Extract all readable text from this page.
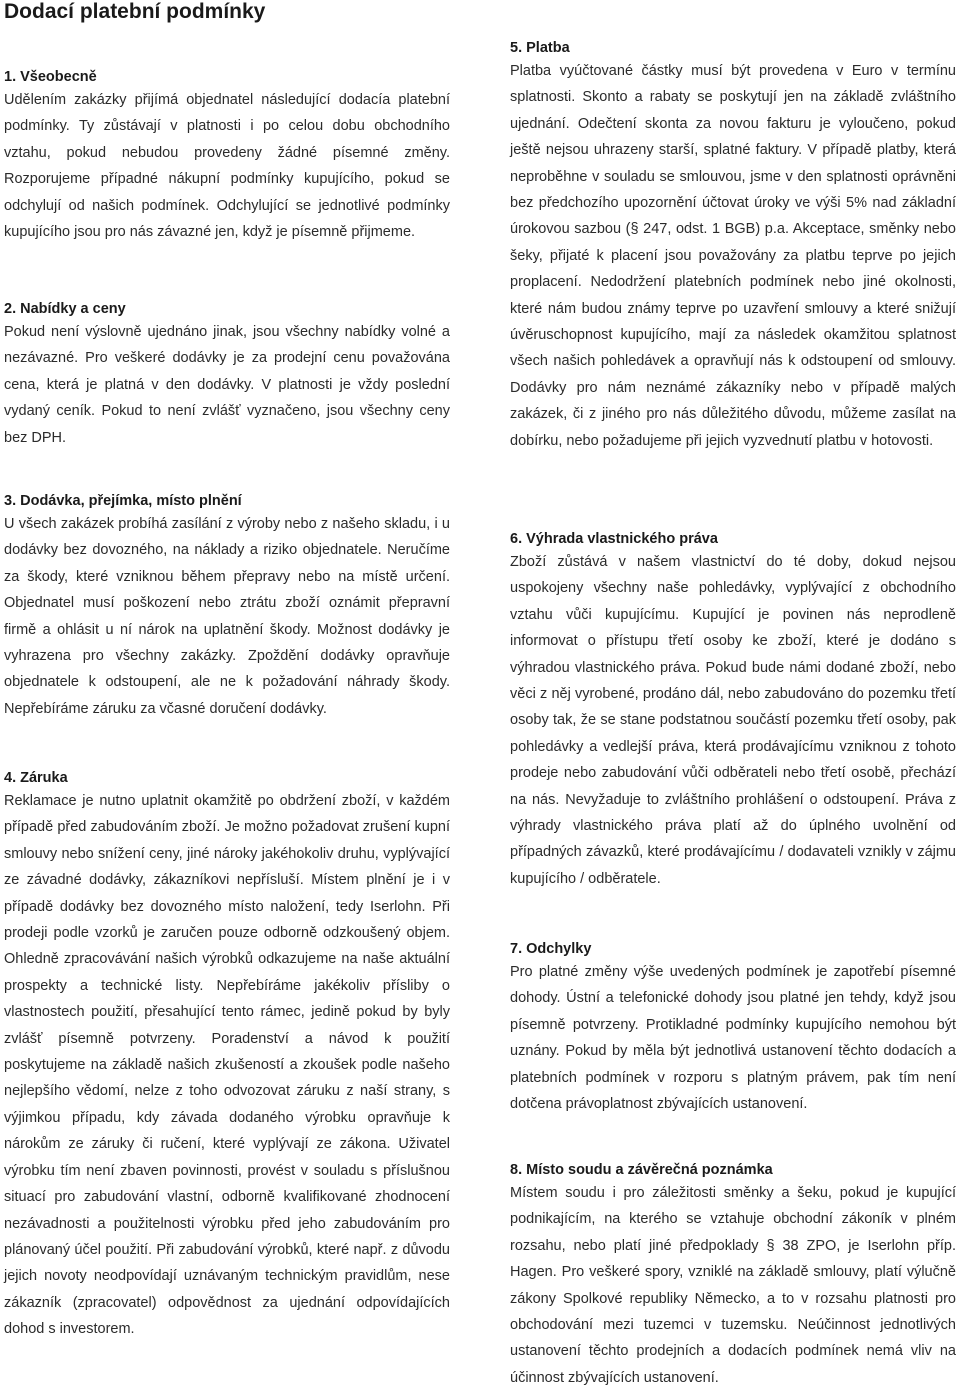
Dodací platební podmínky
1. Všeobecně

Udělením zakázky přijímá objednatel následující dodacía platební podmínky. Ty zůstávají v platnosti i po celou dobu obchodního vztahu, pokud nebudou provedeny žádné písemné změny. Rozporujeme případné nákupní podmínky kupujícího, pokud se odchylují od našich podmínek. Odchylující se jednotlivé podmínky kupujícího jsou pro nás závazné jen, když je písemně přijmeme.

2. Nabídky a ceny

Pokud není výslovně ujednáno jinak, jsou všechny nabídky volné a nezávazné. Pro veškeré dodávky je za prodejní cenu považována cena, která je platná v den dodávky. V platnosti je vždy poslední vydaný ceník. Pokud to není zvlášť vyznačeno, jsou všechny ceny bez DPH.

3. Dodávka, přejímka, místo plnění

U všech zakázek probíhá zasílání z výroby nebo z našeho skladu, i u dodávky bez dovozného, na náklady a riziko objednatele. Neručíme za škody, které vzniknou během přepravy nebo na místě určení. Objednatel musí poškození nebo ztrátu zboží oznámit přepravní firmě a ohlásit u ní nárok na uplatnění škody. Možnost dodávky je vyhrazena pro všechny zakázky. Zpoždění dodávky opravňuje objednatele k odstoupení, ale ne k požadování náhrady škody. Nepřebíráme záruku za včasné doručení dodávky.

4. Záruka

Reklamace je nutno uplatnit okamžitě po obdržení zboží, v každém případě před zabudováním zboží. Je možno požadovat zrušení kupní smlouvy nebo snížení ceny, jiné nároky jakéhokoliv druhu, vyplývající ze závadné dodávky, zákazníkovi nepřísluší. Místem plnění je i v případě dodávky bez dovozného místo naložení, tedy Iserlohn. Při prodeji podle vzorků je zaručen pouze odborně odzkoušený objem. Ohledně zpracovávání našich výrobků odkazujeme na naše aktuální prospekty a technické listy. Nepřebíráme jakékoliv přísliby o vlastnostech použití, přesahující tento rámec, jedině pokud by byly zvlášť písemně potvrzeny. Poradenství a návod k použití poskytujeme na základě našich zkušeností a zkoušek podle našeho nejlepšího vědomí, nelze z toho odvozovat záruku z naší strany, s výjimkou případu, kdy závada dodaného výrobku opravňuje k nárokům ze záruky či ručení, které vyplývají ze zákona. Uživatel výrobku tím není zbaven povinnosti, provést v souladu s příslušnou situací pro zabudování vlastní, odborně kvalifikované zhodnocení nezávadnosti a použitelnosti výrobku před jeho zabudováním pro plánovaný účel použití. Při zabudování výrobků, které např. z důvodu jejich novoty neodpovídají uznávaným technickým pravidlům, nese zákazník (zpracovatel) odpovědnost za ujednání odpovídajících dohod s investorem.

5. Platba

Platba vyúčtované částky musí být provedena v Euro v termínu splatnosti. Skonto a rabaty se poskytují jen na základě zvláštního ujednání. Odečtení skonta za novou fakturu je vyloučeno, pokud ještě nejsou uhrazeny starší, splatné faktury. V případě platby, která neproběhne v souladu se smlouvou, jsme v den splatnosti oprávněni bez předchozího upozornění účtovat úroky ve výši 5% nad základní úrokovou sazbou (§ 247, odst. 1 BGB) p.a. Akceptace, směnky nebo šeky, přijaté k placení jsou považovány za platbu teprve po jejich proplacení. Nedodržení platebních podmínek nebo jiné okolnosti, které nám budou známy teprve po uzavření smlouvy a které snižují úvěruschopnost kupujícího, mají za následek okamžitou splatnost všech našich pohledávek a opravňují nás k odstoupení od smlouvy. Dodávky pro nám neznámé zákazníky nebo v případě malých zakázek, či z jiného pro nás důležitého důvodu, můžeme zasílat na dobírku, nebo požadujeme při jejich vyzvednutí platbu v hotovosti.

6. Výhrada vlastnického práva

Zboží zůstává v našem vlastnictví do té doby, dokud nejsou uspokojeny všechny naše pohledávky, vyplývající z obchodního vztahu vůči kupujícímu. Kupující je povinen nás neprodleně informovat o přístupu třetí osoby ke zboží, které je dodáno s výhradou vlastnického práva. Pokud bude námi dodané zboží, nebo věci z něj vyrobené, prodáno dál, nebo zabudováno do pozemku třetí osoby tak, že se stane podstatnou součástí pozemku třetí osoby, pak pohledávky a vedlejší práva, která prodávajícímu vzniknou z tohoto prodeje nebo zabudování vůči odběrateli nebo třetí osobě, přechází na nás. Nevyžaduje to zvláštního prohlášení o odstoupení. Práva z výhrady vlastnického práva platí až do úplného uvolnění od případných závazků, které prodávajícímu / dodavateli vznikly v zájmu kupujícího / odběratele.

7. Odchylky

Pro platné změny výše uvedených podmínek je zapotřebí písemné dohody. Ústní a telefonické dohody jsou platné jen tehdy, když jsou písemně potvrzeny. Protikladné podmínky kupujícího nemohou být uznány. Pokud by měla být jednotlivá ustanovení těchto dodacích a platebních podmínek v rozporu s platným právem, pak tím není dotčena právoplatnost zbývajících ustanovení.

8. Místo soudu a závěrečná poznámka

Místem soudu i pro záležitosti směnky a šeku, pokud je kupující podnikajícím, na kterého se vztahuje obchodní zákoník v plném rozsahu, nebo platí jiné předpoklady § 38 ZPO, je Iserlohn příp. Hagen. Pro veškeré spory, vzniklé na základě smlouvy, platí výlučně zákony Spolkové republiky Německo, a to v rozsahu platnosti pro obchodování mezi tuzemci v tuzemsku. Neúčinnost jednotlivých ustanovení těchto prodejních a dodacích podmínek nemá vliv na účinnost zbývajících ustanovení.
